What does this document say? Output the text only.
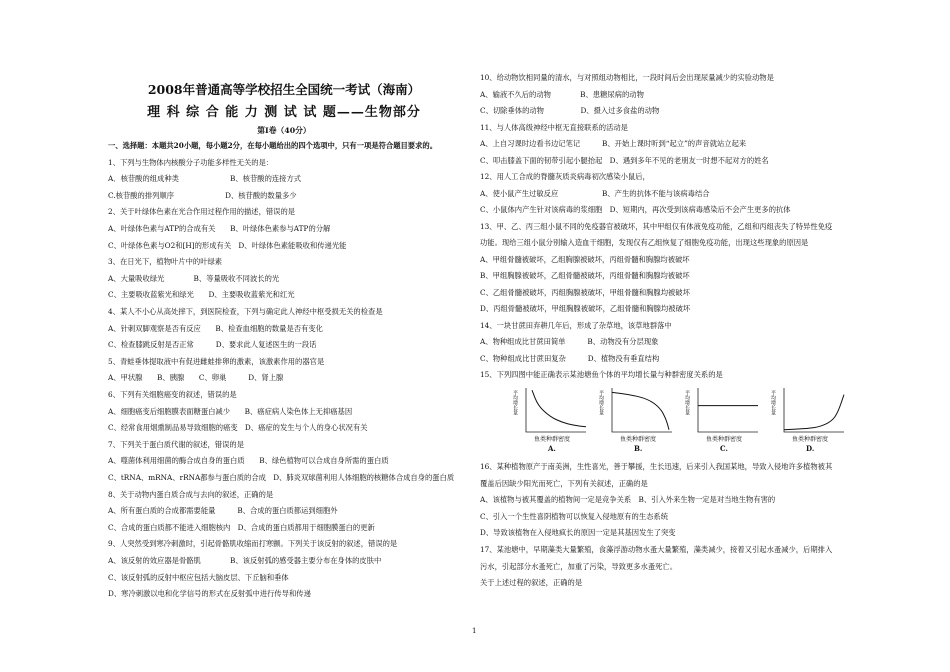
2008年普通高等学校招生全国统一考试（海南）
理 科 综 合 能 力 测 试 试 题——生物部分
第Ⅰ卷（40分）
一、选择题：本题共20小题，每小题2分，在每小题给出的四个选项中，只有一项是符合题目要求的。
1、下列与生物体内核酸分子功能多样性无关的是：
A．核苷酸的组成种类　　　　　　　B、核苷酸的连接方式
C.核苷酸的排列顺序　　　　　　　D、核苷酸的数量多少
2、关于叶绿体色素在光合作用过程作用的描述，错误的是
A、叶绿体色素与ATP的合成有关　　B、叶绿体色素参与ATP的分解
C、叶绿体色素与O2和[H]的形成有关　D、叶绿体色素能吸收和传递光能
3、在日光下，植物叶片中的叶绿素
A、大量吸收绿光　　　　B、等量吸收不同波长的光
C、主要吸收蓝紫光和绿光　　D、主要吸收蓝紫光和红光
4、某人不小心从高处摔下，到医院检查，下列与确定此人神经中枢受损无关的检查是
A、针刺双脚观察是否有反应　　B、检查血细胞的数量是否有变化
C、检查膝跳反射是否正常　　　D、要求此人复述医生的一段话
5、青蛙垂体提取液中有促进雌蛙排卵的激素，该激素作用的器官是
A、甲状腺　　B、胰腺　　C、卵巢　　　D、肾上腺
6、下列有关细胞癌变的叙述，错误的是
A、细胞癌变后细胞膜表面糖蛋白减少　　B、癌症病人染色体上无抑癌基因
C、经常食用烟熏制品易导致细胞的癌变　D、癌症的发生与个人的身心状况有关
7、下列关于蛋白质代谢的叙述，错误的是
A、噬菌体利用细菌的酶合成自身的蛋白质　　B、绿色植物可以合成自身所需的蛋白质
C、tRNA、mRNA、rRNA都参与蛋白质的合成　D、肺炎双球菌利用人体细胞的核糖体合成自身的蛋白质
8、关于动物内蛋白质合成与去向的叙述，正确的是
A、所有蛋白质的合成都需要能量　　　B、合成的蛋白质都运到细胞外
C、合成的蛋白质都不能进入细胞核内　D、合成的蛋白质都用于细胞膜蛋白的更新
9、人突然受到寒冷刺激时，引起骨骼肌收缩而打寒颤。下列关于该反射的叙述，错误的是
A、该反射的效应器是骨骼肌　　　　B、该反射弧的感受器主要分布在身体的皮肤中
C、该反射弧的反射中枢应包括大脑皮层、下丘脑和垂体
D、寒冷刺激以电和化学信号的形式在反射弧中进行传导和传递
10、给动物饮相同量的清水，与对照组动物相比，一段时间后会出现尿量减少的实验动物是
A、输液不久后的动物　　　　B、患糖尿病的动物
C、切除垂体的动物　　　　　D、摄入过多食盐的动物
11、与人体高级神经中枢无直接联系的活动是
A、上自习课时边看书边记笔记　　　B、开始上课时听到“起立”的声音就站立起来
C、叩击膝盖下面的韧带引起小腿抬起　D、遇到多年不见的老朋友一时想不起对方的姓名
12、用人工合成的脊髓灰质炎病毒初次感染小鼠后，
A、使小鼠产生过敏反应　　　　　　B、产生的抗体不能与该病毒结合
C、小鼠体内产生针对该病毒的浆细胞　D、短期内，再次受到该病毒感染后不会产生更多的抗体
13、甲、乙、丙三组小鼠不同的免疫器官被破坏，其中甲组仅有体液免疫功能，乙组和丙组丧失了特异性免疫
功能。现给三组小鼠分别输入造血干细胞，发现仅有乙组恢复了细胞免疫功能，出现这些现象的原因是
A、甲组骨髓被破坏，乙组胸腺被破坏，丙组骨髓和胸腺均被破坏
B、甲组胸腺被破坏，乙组骨髓被破坏，丙组骨髓和胸腺均被破坏
C、乙组骨髓被破坏，丙组胸腺被破坏，甲组骨髓和胸腺均被破坏
D、丙组骨髓被破坏，甲组胸腺被破坏，乙组骨髓和胸腺均被破坏
14、一块甘蔗田弃耕几年后，形成了杂草地，该草地群落中
A、物种组成比甘蔗田简单　　　B、动物没有分层现象
C、物种组成比甘蔗田复杂　　　D、植物没有垂直结构
15、下列四图中能正确表示某池塘鱼个体的平均增长量与种群密度关系的是
16、某种植物原产于南美洲，生性喜光，善于攀援，生长迅速，后来引入我国某地，导致入侵地许多植物被其
覆盖后因缺少阳光而死亡，下列有关叙述，正确的是
A、该植物与被其覆盖的植物间一定是竞争关系　B、引入外来生物一定是对当地生物有害的
C、引入一个生性喜阴植物可以恢复入侵地原有的生态系统
D、导致该植物在入侵地疯长的原因一定是其基因发生了突变
17、某池塘中，早期藻类大量繁殖，食藻浮游动物水蚤大量繁殖，藻类减少，接着又引起水蚤减少，后期排入
污水，引起部分水蚤死亡，加重了污染，导致更多水蚤死亡。
关于上述过程的叙述，正确的是
平均增长量
鱼类种群密度
A.
平均增长量
鱼类种群密度
B.
平均增长量
鱼类种群密度
C.
平均增长量
鱼类种群密度
D.
1
